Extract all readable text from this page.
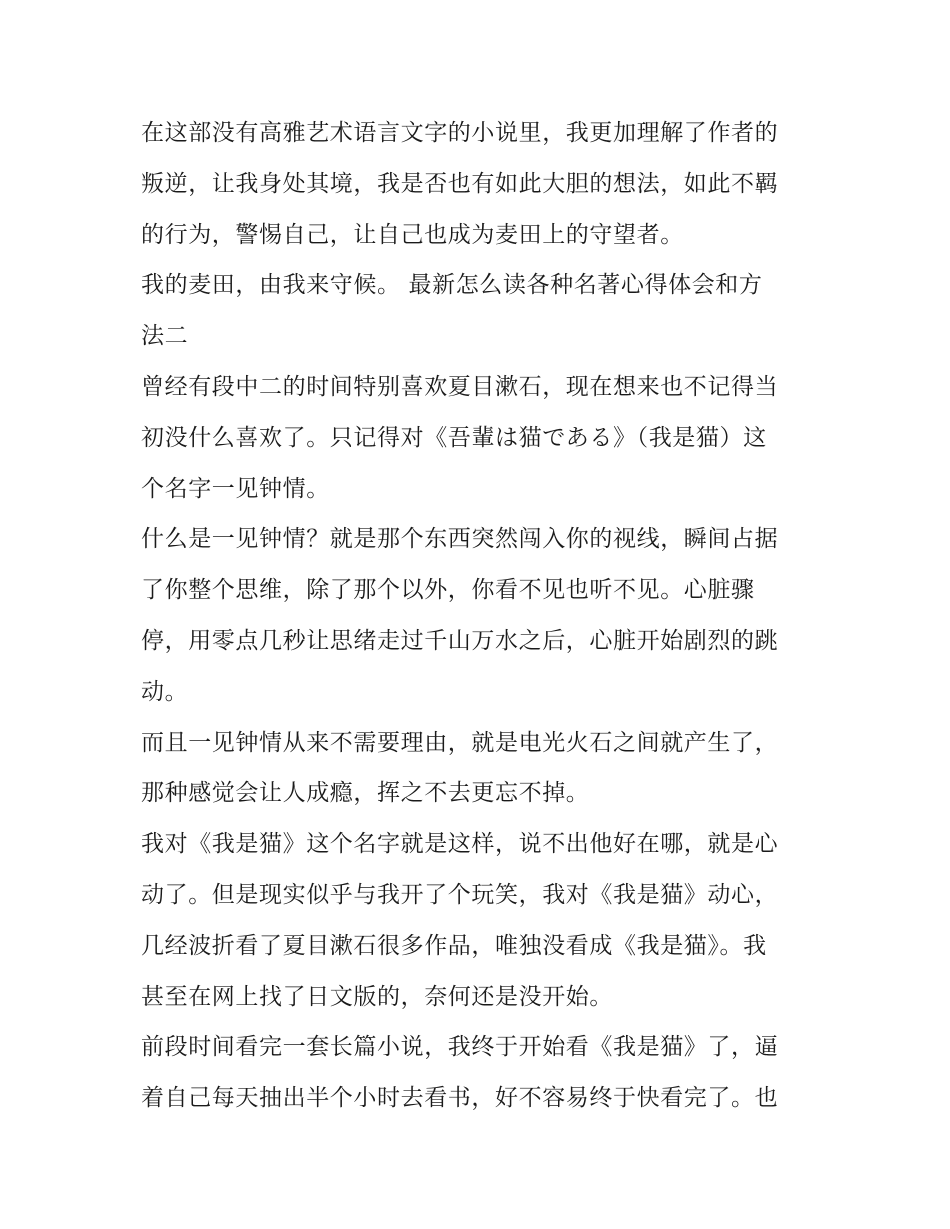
在这部没有高雅艺术语言文字的小说里，我更加理解了作者的
叛逆，让我身处其境，我是否也有如此大胆的想法，如此不羁
的行为，警惕自己，让自己也成为麦田上的守望者。

我的麦田，由我来守候。 最新怎么读各种名著心得体会和方
法二

曾经有段中二的时间特别喜欢夏目漱石，现在想来也不记得当
初没什么喜欢了。只记得对《吾輩は猫である》（我是猫）这
个名字一见钟情。

什么是一见钟情？就是那个东西突然闯入你的视线，瞬间占据
了你整个思维，除了那个以外，你看不见也听不见。心脏骤
停，用零点几秒让思绪走过千山万水之后，心脏开始剧烈的跳
动。

而且一见钟情从来不需要理由，就是电光火石之间就产生了，
那种感觉会让人成瘾，挥之不去更忘不掉。

我对《我是猫》这个名字就是这样，说不出他好在哪，就是心
动了。但是现实似乎与我开了个玩笑，我对《我是猫》动心，
几经波折看了夏目漱石很多作品，唯独没看成《我是猫》。我
甚至在网上找了日文版的，奈何还是没开始。

前段时间看完一套长篇小说，我终于开始看《我是猫》了，逼
着自己每天抽出半个小时去看书，好不容易终于快看完了。也
